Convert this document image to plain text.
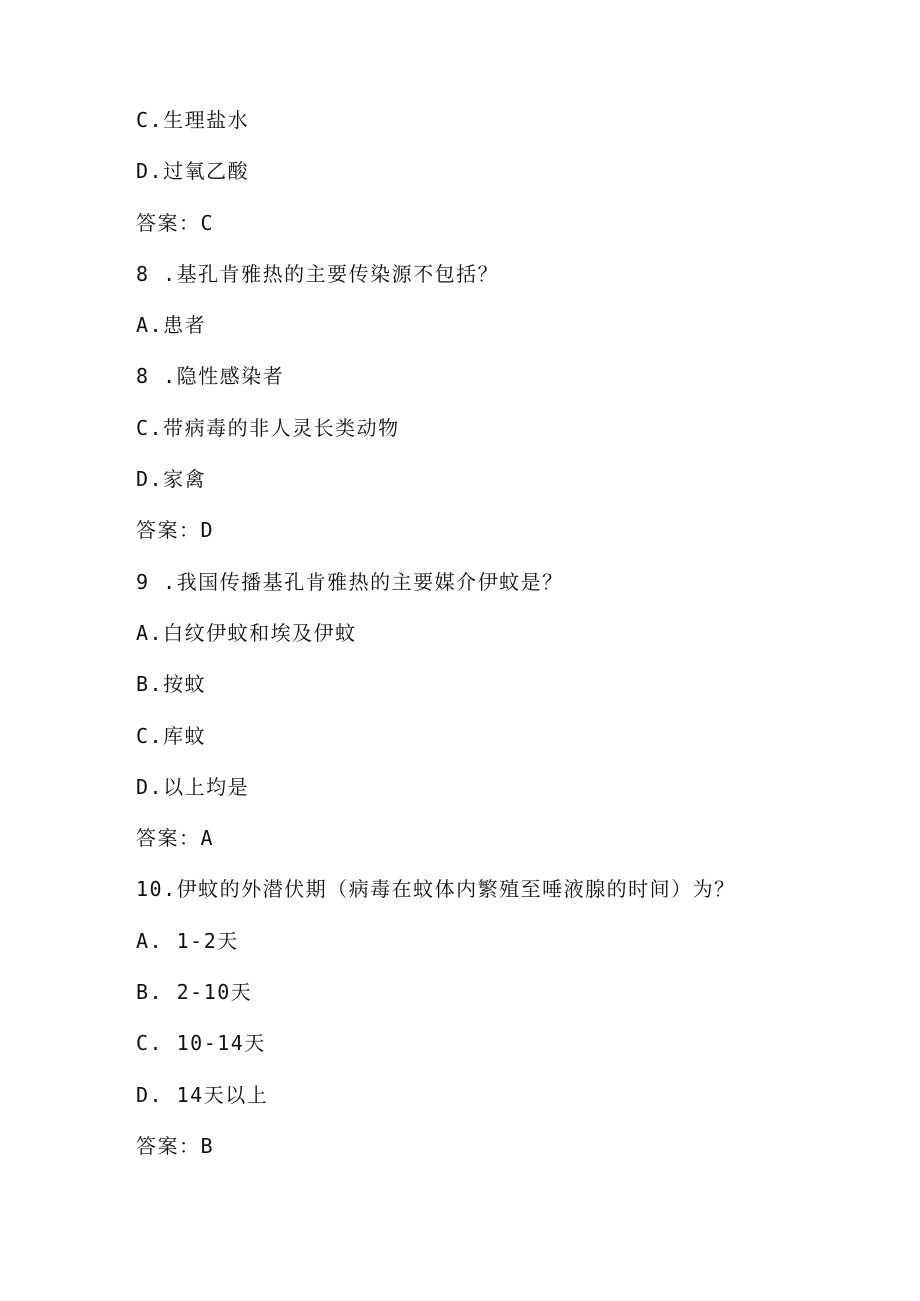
C.生理盐水
D.过氧乙酸
答案：C
8 .基孔肯雅热的主要传染源不包括？
A.患者
8 .隐性感染者
C.带病毒的非人灵长类动物
D.家禽
答案：D
9 .我国传播基孔肯雅热的主要媒介伊蚊是？
A.白纹伊蚊和埃及伊蚊
B.按蚊
C.库蚊
D.以上均是
答案：A
10.伊蚊的外潜伏期（病毒在蚊体内繁殖至唾液腺的时间）为？
A. 1-2天
B. 2-10天
C. 10-14天
D. 14天以上
答案：B
